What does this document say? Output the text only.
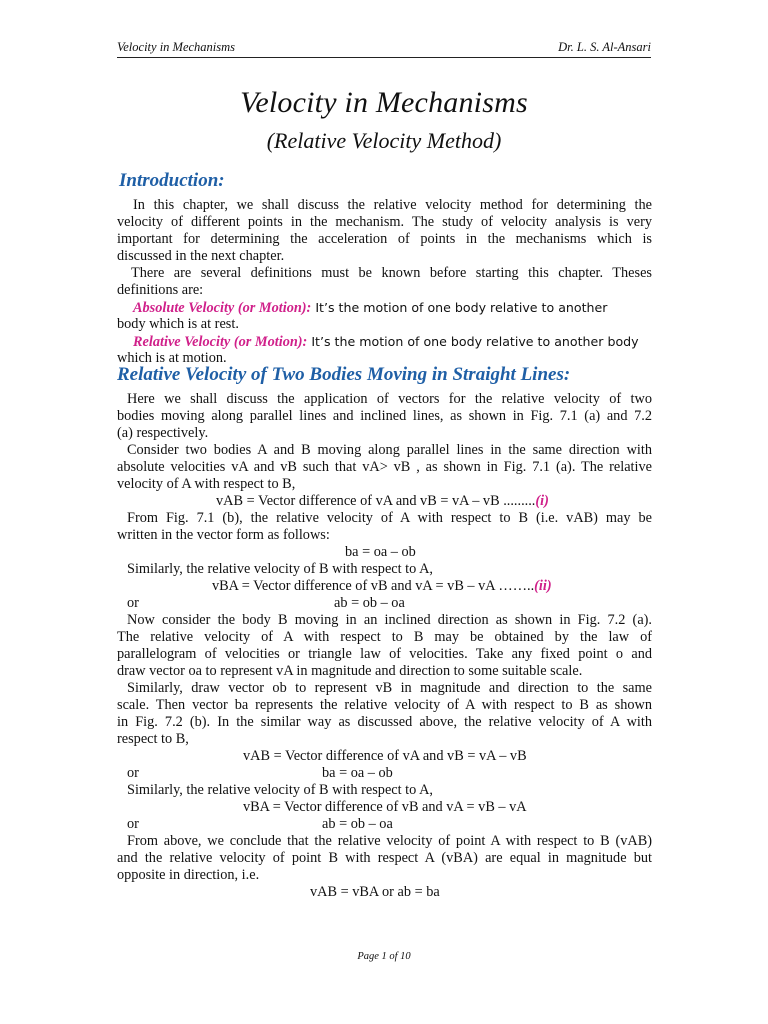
Velocity in Mechanisms	Dr. L. S. Al-Ansari
Velocity in Mechanisms
(Relative Velocity Method)
Introduction:
Relative Velocity of Two Bodies Moving in Straight Lines:
In this chapter, we shall discuss the relative velocity method for determining the
velocity of different points in the mechanism. The study of velocity analysis is very
important for determining the acceleration of points in the mechanisms which is
discussed in the next chapter.
There are several definitions must be known before starting this chapter. Theses
definitions are:
body which is at rest.
which is at motion.
Here we shall discuss the application of vectors for the relative velocity of two
bodies moving along parallel lines and inclined lines, as shown in Fig. 7.1 (a) and 7.2
(a) respectively.
Consider two bodies A and B moving along parallel lines in the same direction with
absolute velocities vA and vB such that vA> vB , as shown in Fig. 7.1 (a). The relative
velocity of A with respect to B,
From Fig. 7.1 (b), the relative velocity of A with respect to B (i.e. vAB) may be
written in the vector form as follows:
Similarly, the relative velocity of B with respect to A,
or
Now consider the body B moving in an inclined direction as shown in Fig. 7.2 (a).
The relative velocity of A with respect to B may be obtained by the law of
parallelogram of velocities or triangle law of velocities. Take any fixed point o and
draw vector oa to represent vA in magnitude and direction to some suitable scale.
Similarly, draw vector ob to represent vB in magnitude and direction to the same
scale. Then vector ba represents the relative velocity of A with respect to B as shown
in Fig. 7.2 (b). In the similar way as discussed above, the relative velocity of A with
respect to B,
or
Similarly, the relative velocity of B with respect to A,
or
From above, we conclude that the relative velocity of point A with respect to B (vAB)
and the relative velocity of point B with respect A (vBA) are equal in magnitude but
opposite in direction, i.e.
Absolute Velocity (or Motion): It’s the motion of one body relative to another
Relative Velocity (or Motion): It’s the motion of one body relative to another body
vAB = Vector difference of vA and vB = vA – vB .........(i)
ba = oa – ob
vBA = Vector difference of vB and vA = vB – vA ……..(ii)
ab = ob – oa
vAB = Vector difference of vA and vB = vA – vB
ba = oa – ob
vBA = Vector difference of vB and vA = vB – vA
ab = ob – oa
vAB = vBA or ab = ba
Page 1 of 10
